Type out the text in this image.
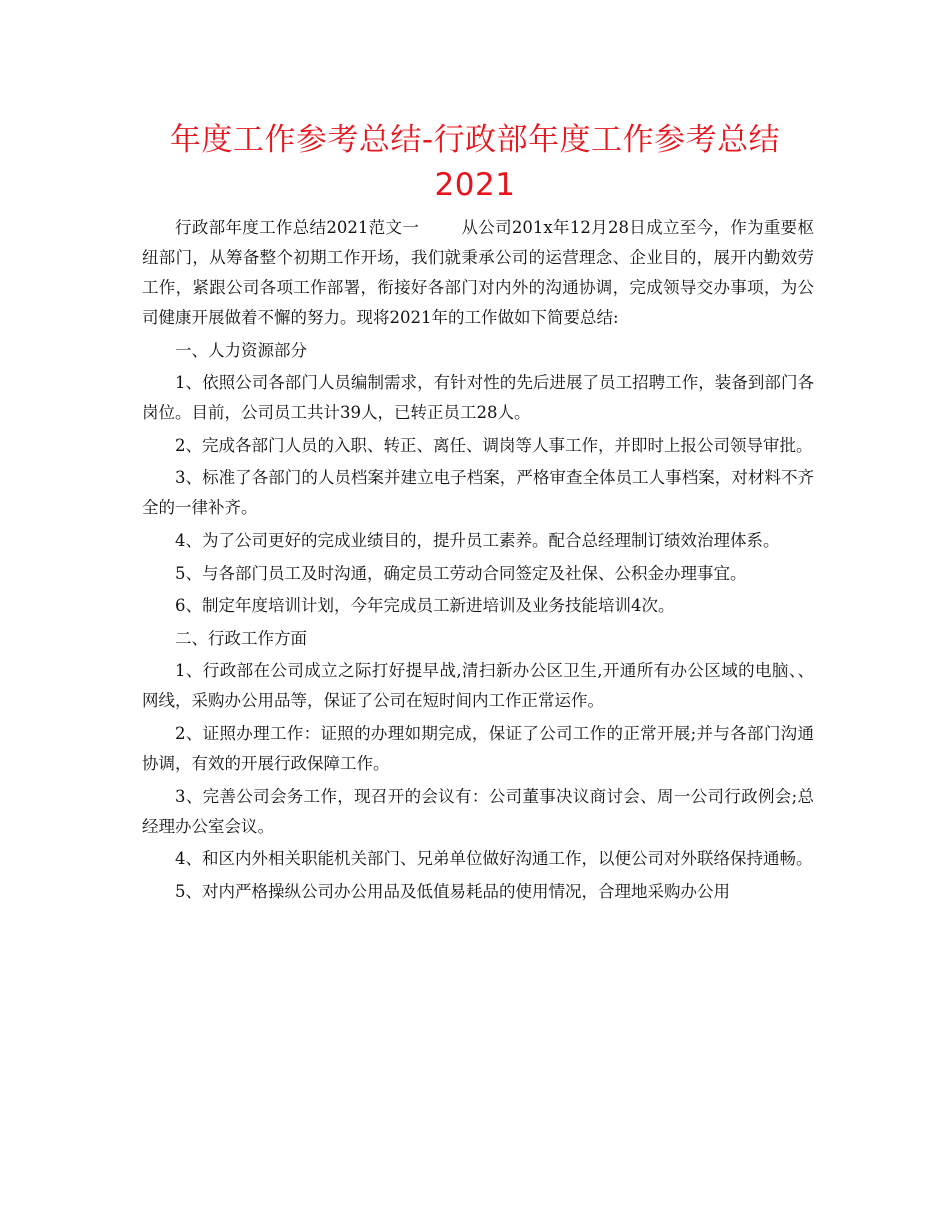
年度工作参考总结-行政部年度工作参考总结2021

行政部年度工作总结2021范文一	从公司201x年12月28日成立至今，作为重要枢纽部门，从筹备整个初期工作开场，我们就秉承公司的运营理念、企业目的，展开内勤效劳工作，紧跟公司各项工作部署，衔接好各部门对内外的沟通协调，完成领导交办事项，为公司健康开展做着不懈的努力。现将2021年的工作做如下简要总结:

一、人力资源部分

1、依照公司各部门人员编制需求，有针对性的先后进展了员工招聘工作，装备到部门各岗位。目前，公司员工共计39人，已转正员工28人。

2、完成各部门人员的入职、转正、离任、调岗等人事工作，并即时上报公司领导审批。

3、标准了各部门的人员档案并建立电子档案，严格审查全体员工人事档案，对材料不齐全的一律补齐。

4、为了公司更好的完成业绩目的，提升员工素养。配合总经理制订绩效治理体系。

5、与各部门员工及时沟通，确定员工劳动合同签定及社保、公积金办理事宜。

6、制定年度培训计划，今年完成员工新进培训及业务技能培训4次。

二、行政工作方面

1、行政部在公司成立之际打好提早战,清扫新办公区卫生,开通所有办公区域的电脑、、网线，采购办公用品等，保证了公司在短时间内工作正常运作。

2、证照办理工作：证照的办理如期完成，保证了公司工作的正常开展;并与各部门沟通协调，有效的开展行政保障工作。

3、完善公司会务工作，现召开的会议有：公司董事决议商讨会、周一公司行政例会;总经理办公室会议。

4、和区内外相关职能机关部门、兄弟单位做好沟通工作，以便公司对外联络保持通畅。

5、对内严格操纵公司办公用品及低值易耗品的使用情况，合理地采购办公用
